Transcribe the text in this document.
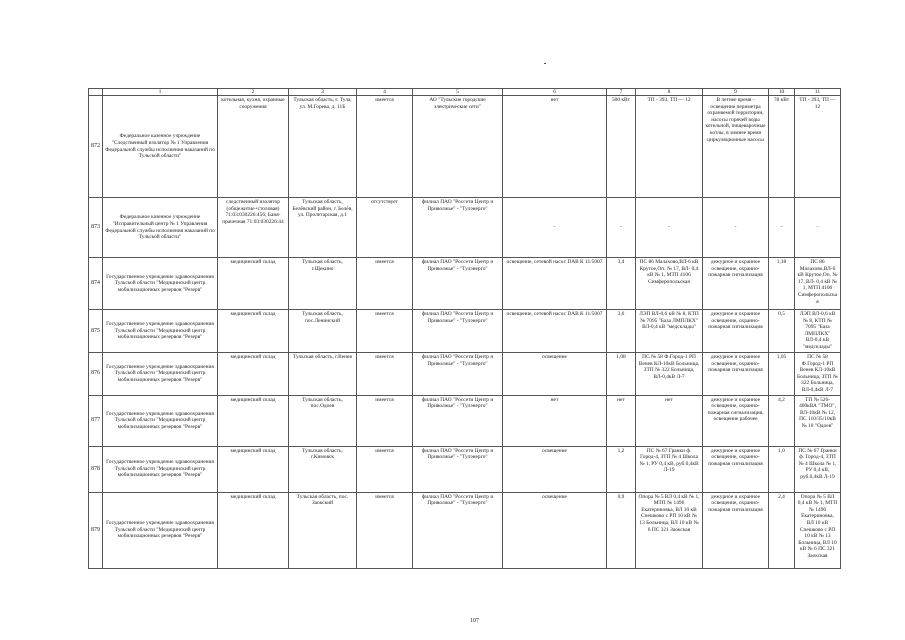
	1	2	3	4	5	6	7	8	9	10	11
872	Федеральное казенное учреждение "Следственный изолятор № 1 Управления Федеральной службы исполнения наказаний по Тульской области"	котельная, кухня, охранные сооружения	Тульская область, г. Тула, ул. М.Горева, д. 11Б	имеется	АО "Тульские городские электрические сети"	нет	500 кВт	ТП - 393, ТП — 12	В летнее время - освещение периметра охраняемой территории, насосы горячей воды котельной, пищеварочные котлы, в зимнее время циркуляционные насосы	78 кВт	ТП - 393, ТП — 12
873	Федеральное казенное учреждение "Исправительный центр № 1 Управления Федеральной службы исполнения наказаний по Тульской области"	следственный изолятор (общежитие+столовая) 71:03:030226:456; Баня-прачечная 71:03:030226:44	Тульская область, Белёвский район, г. Белёв, ул. Пролетарская, д.1	отсутствует	филиал ПАО "Россети Центр и Приволжье" - "Тулэнерго"	-	-	-	-	-	-
874	Государственное учреждение здравоохранения Тульской области "Медицинский центр мобилизационных резервов "Резерв"	медицинский склад	Тульская область, г.Щекино	имеется	филиал ПАО "Россети Центр и Приволжье" - "Тулэнерго"	освещение, сетевой насос DAB К 11/5007	3,4	ПС 86 Малахово,ВЛ-6 кВ Крутое,Оп. № 17, ВЛ- 0,4 кВ № 1, МТП 4106 Симферопольская	дежурное и охранное освещение, охранно-пожарная сигнализация	1,18	ПС 86 Малахово,ВЛ-6 кВ Крутое,Оп. № 17, ВЛ- 0,4 кВ № 1, МТП 4106 Симферопольская
875	Государственное учреждение здравоохранения Тульской области "Медицинский центр мобилизационных резервов "Резерв"	медицинский склад	Тульская область, пос.Ленинский	имеется	филиал ПАО "Россети Центр и Приволжье" - "Тулэнерго"	освещение, сетевой насос DAB К 11/5007	3,6	ЛЭП ВЛ-0,6 кВ № 8, КТП № 7095 "База ЛМПЛКХ" ВЛ-0,4 кВ "медсклады"	дежурное и охранное освещение, охранно-пожарная сигнализация	0,5	ЛЭП ВЛ-0,6 кВ № 8, КТП № 7095 "База ЛМПЛКХ" ВЛ-0,4 кВ "медсклады"
876	Государственное учреждение здравоохранения Тульской области "Медицинский центр мобилизационных резервов "Резерв"	медицинский склад	Тульская область, г.Венев	имеется	филиал ПАО "Россети Центр и Приволжье" - "Тулэнерго"	освещение	1,08	ПС № 58 Ф.Город-1 РП Венев КЛ-10кВ Больница, ЗТП № 322 Больница, ВЛ-0,4кВ Л-7	дежурное и охранное освещение, охранно-пожарная сигнализация	1,05	ПС № 58 Ф.Город-1 РП Венев КЛ-10кВ Больница, ЗТП № 322 Больница, ВЛ-0,4кВ Л-7
877	Государственное учреждение здравоохранения Тульской области "Медицинский центр мобилизационных резервов "Резерв"	медицинский склад	Тульская область, пос.Одоев	имеется	филиал ПАО "Россети Центр и Приволжье" - "Тулэнерго"	нет	нет	нет	дежурное и охранное освещение, охранно-пожарная сигнализация, освещение рабочее	4,2	ТП № 526-400кВА "ТМО", ВЛ-10кВ № 12, ПС 110/35/10кВ № 10 "Одоев"
878	Государственное учреждение здравоохранения Тульской области "Медицинский центр мобилизационных резервов "Резерв"	медицинский склад	Тульская область, г.Кимовск	имеется	филиал ПАО "Россети Центр и Приволжье" - "Тулэнерго"	освещение	1,2	ПС № 67 Гранки ф. Город-4, ЗТП № 4 Школа № 1, РУ 0,4 кВ, руб.0,4кВ Л-19	дежурное и охранное освещение, охранно-пожарная сигнализация	1,0	ПС № 67 Гранки ф. Город-4, ЗТП № 4 Школа № 1, РУ 0,4 кВ, руб.0,4кВ Л-19
879	Государственное учреждение здравоохранения Тульской области "Медицинский центр мобилизационных резервов "Резерв"	медицинский склад	Тульская область, пос. Заокский	имеется	филиал ПАО "Россети Центр и Приволжье" - "Тулэнерго"	освещение	0,9	Опора № 5 ВЛ 0,4 кВ № 1, МТП № 1496 Екатериновка, ВЛ 10 кВ Спешково с РП 10 кВ № 13 Больница, ВЛ 10 кВ № 6 ПС 321 Заокская	дежурное и охранное освещение, охранно-пожарная сигнализация	2,4	Опора № 5 ВЛ 0,4 кВ № 1, МТП № 1496 Екатериновка, ВЛ 10 кВ Спешково с РП 10 кВ № 13 Больница, ВЛ 10 кВ № 6 ПС 321 Заокская
107
